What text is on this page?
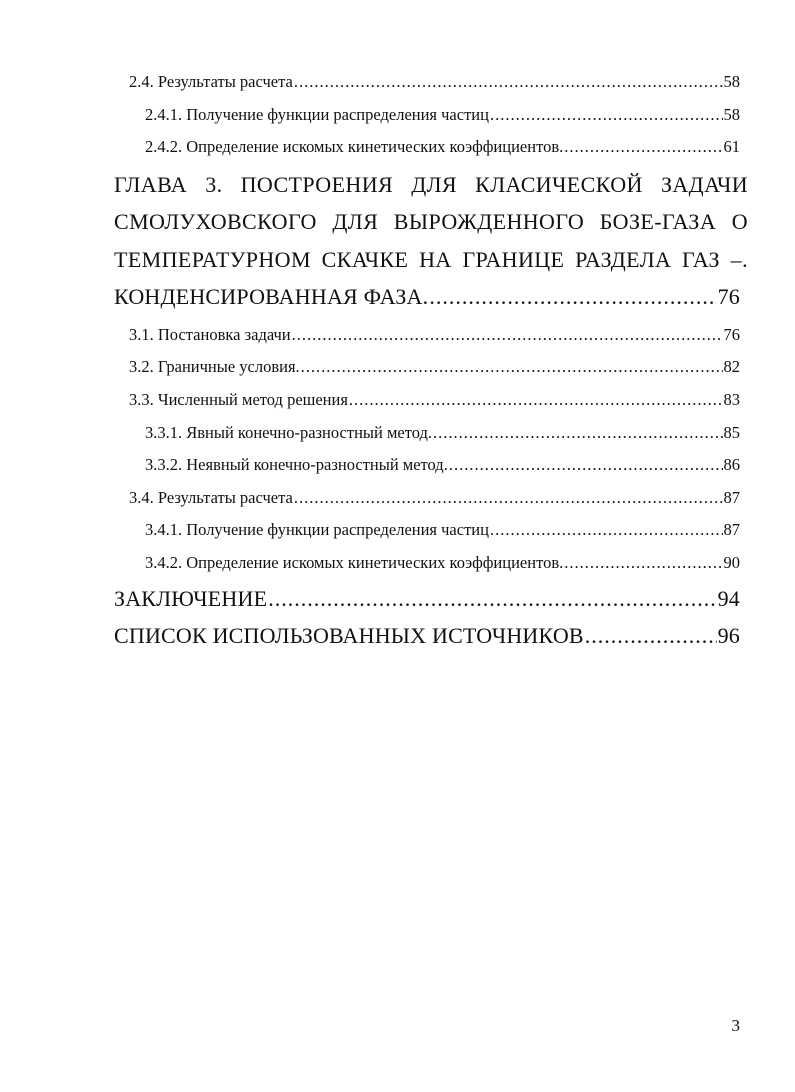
2.4. Результаты расчета .....	58
2.4.1. Получение функции распределения частиц .....	58
2.4.2. Определение искомых кинетических коэффициентов. .....	61
ГЛАВА 3. ПОСТРОЕНИЯ ДЛЯ КЛАСИЧЕСКОЙ ЗАДАЧИ
СМОЛУХОВСКОГО ДЛЯ ВЫРОЖДЕННОГО БОЗЕ-ГАЗА О
ТЕМПЕРАТУРНОМ СКАЧКЕ НА ГРАНИЦЕ РАЗДЕЛА ГАЗ –.
КОНДЕНСИРОВАННАЯ ФАЗА. .....	76
3.1. Постановка задачи .....	76
3.2. Граничные условия. .....	82
3.3. Численный метод решения .....	83
3.3.1. Явный конечно-разностный метод. .....	85
3.3.2. Неявный конечно-разностный метод. .....	86
3.4. Результаты расчета .....	87
3.4.1. Получение функции распределения частиц .....	87
3.4.2. Определение искомых кинетических коэффициентов. .....	90
ЗАКЛЮЧЕНИЕ .....	94
СПИСОК ИСПОЛЬЗОВАННЫХ ИСТОЧНИКОВ .....	96
3
